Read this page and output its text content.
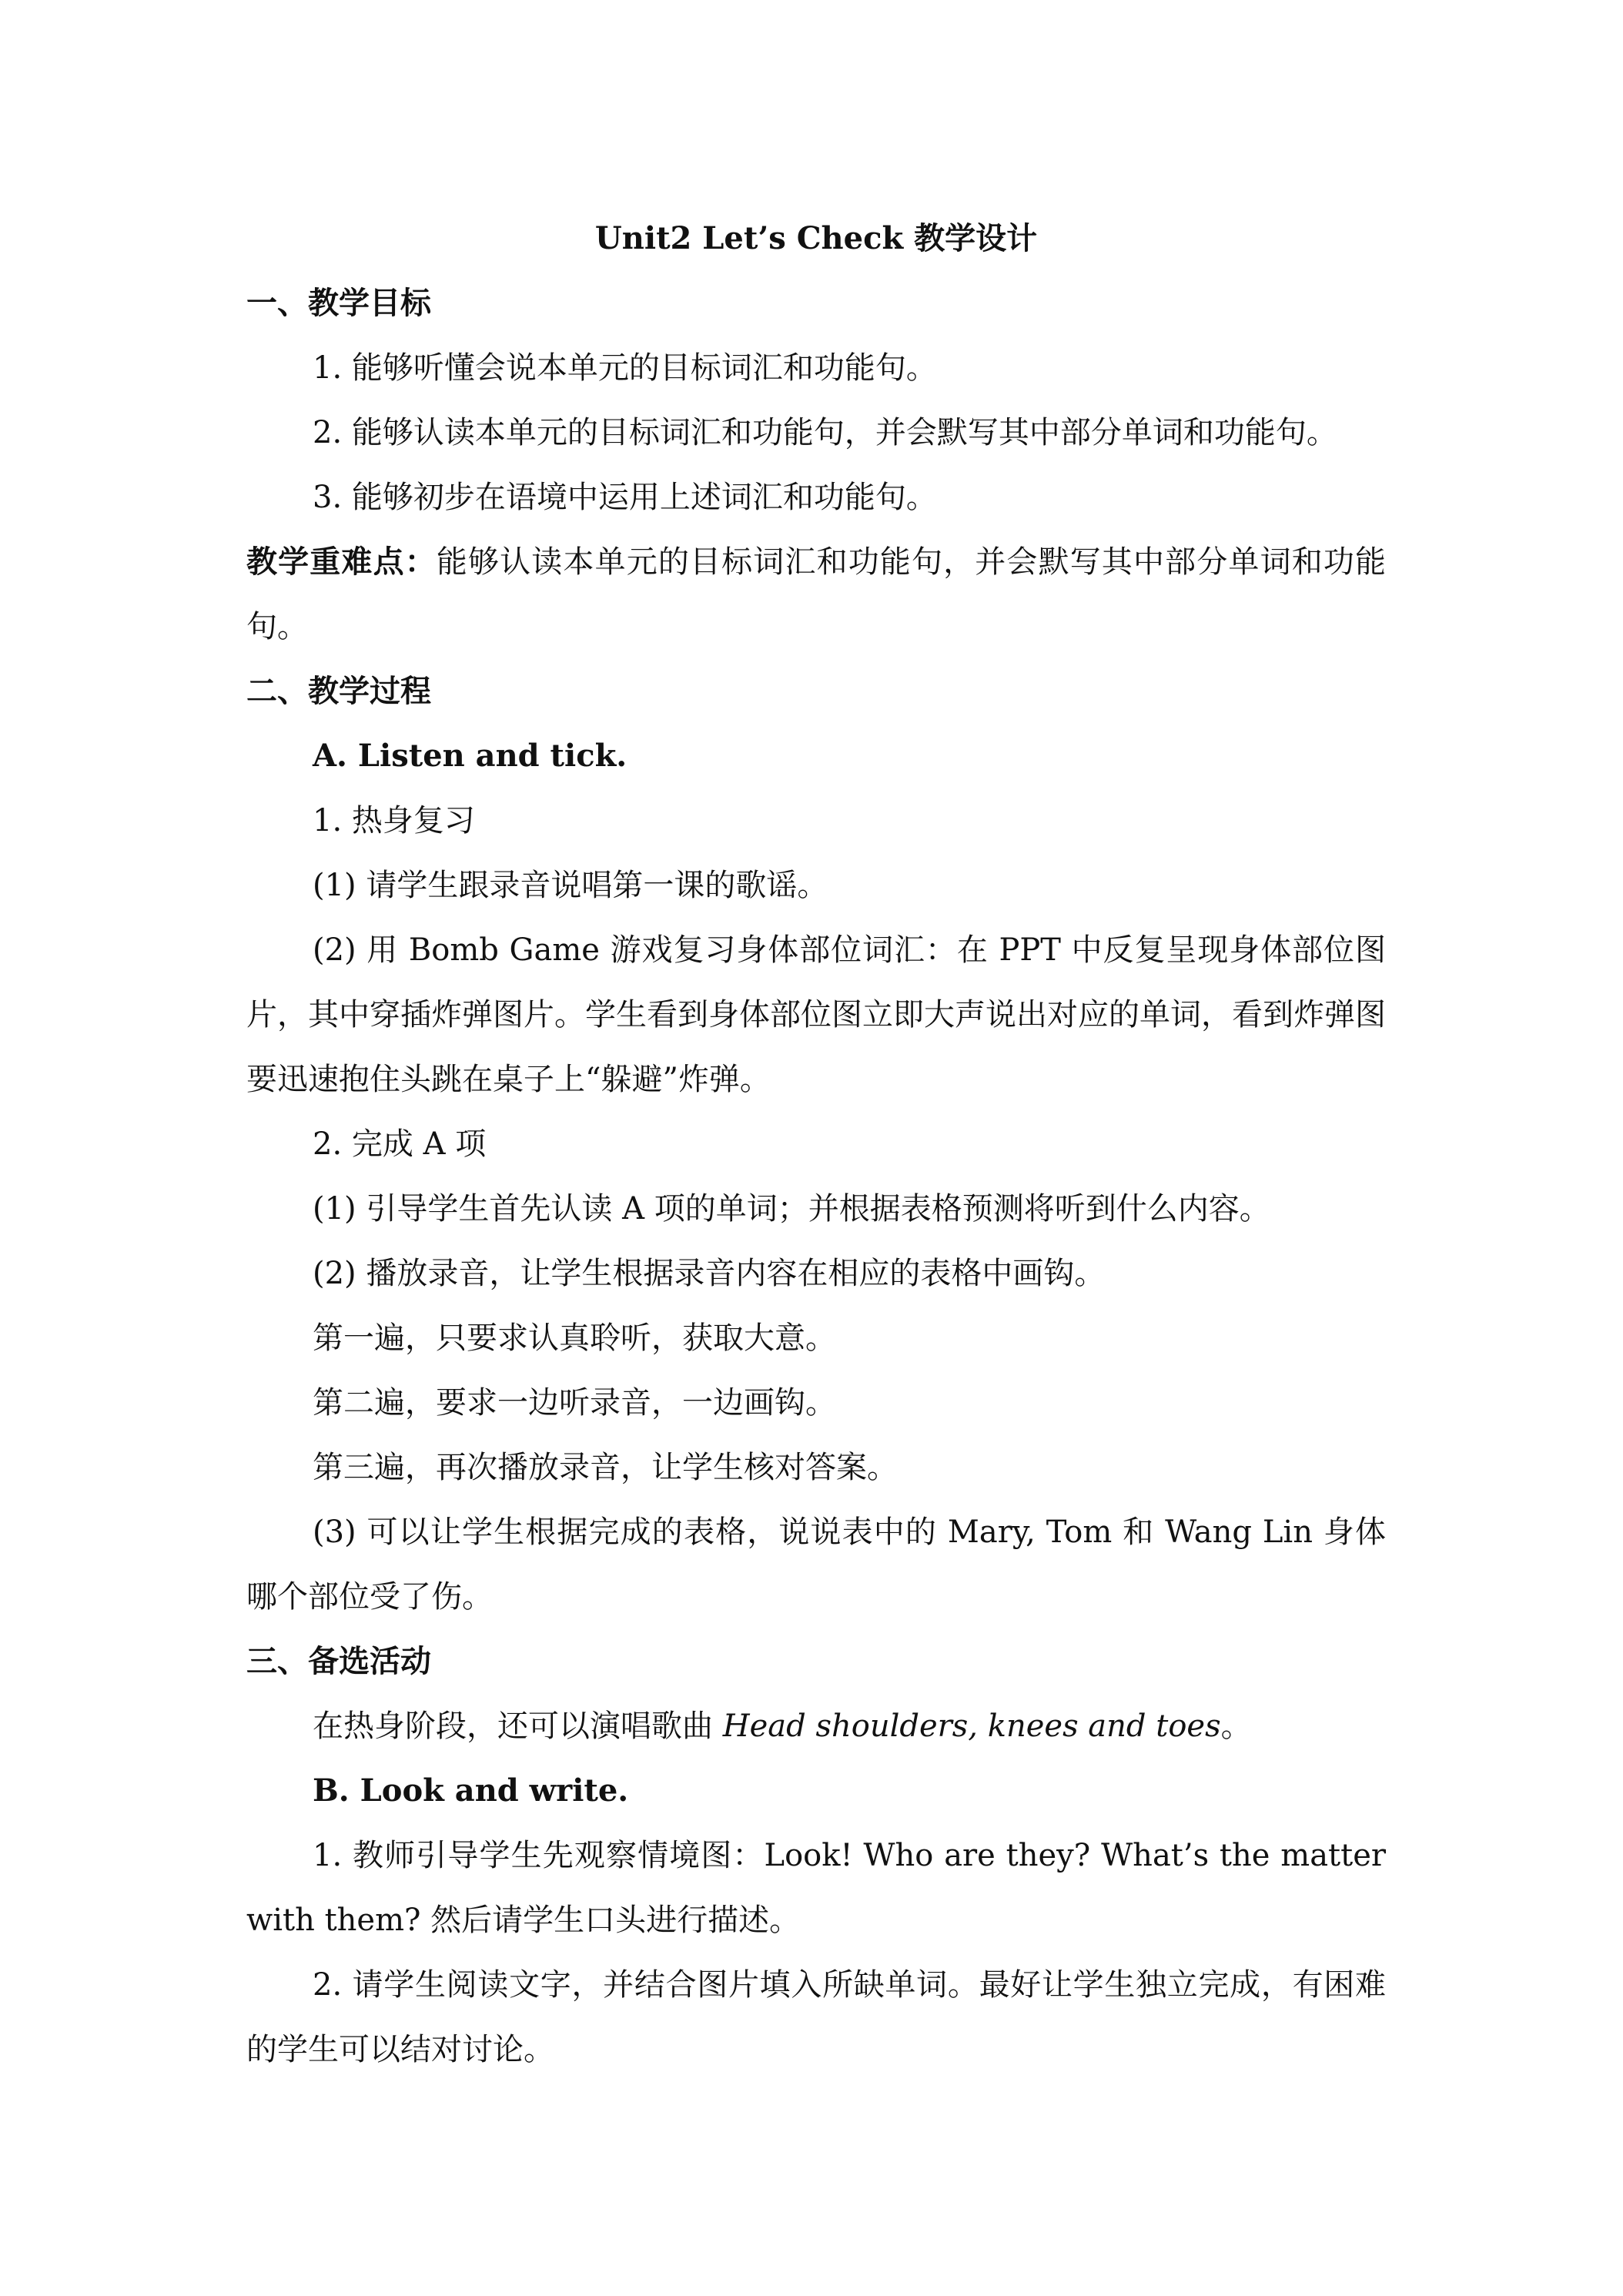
Unit2 Let’s Check 教学设计

一、教学目标

1. 能够听懂会说本单元的目标词汇和功能句。

2. 能够认读本单元的目标词汇和功能句，并会默写其中部分单词和功能句。

3. 能够初步在语境中运用上述词汇和功能句。

教学重难点：能够认读本单元的目标词汇和功能句，并会默写其中部分单词和功能句。

二、教学过程

A. Listen and tick.

1. 热身复习

(1) 请学生跟录音说唱第一课的歌谣。

(2) 用 Bomb Game 游戏复习身体部位词汇：在 PPT 中反复呈现身体部位图片，其中穿插炸弹图片。学生看到身体部位图立即大声说出对应的单词，看到炸弹图要迅速抱住头跳在桌子上“躲避”炸弹。

2. 完成 A 项

(1) 引导学生首先认读 A 项的单词；并根据表格预测将听到什么内容。

(2) 播放录音，让学生根据录音内容在相应的表格中画钩。

第一遍，只要求认真聆听，获取大意。

第二遍，要求一边听录音，一边画钩。

第三遍，再次播放录音，让学生核对答案。

(3) 可以让学生根据完成的表格，说说表中的 Mary, Tom 和 Wang Lin 身体哪个部位受了伤。

三、备选活动

在热身阶段，还可以演唱歌曲 Head shoulders, knees and toes。

B. Look and write.

1. 教师引导学生先观察情境图：Look! Who are they? What’s the matter with them? 然后请学生口头进行描述。

2. 请学生阅读文字，并结合图片填入所缺单词。最好让学生独立完成，有困难的学生可以结对讨论。
